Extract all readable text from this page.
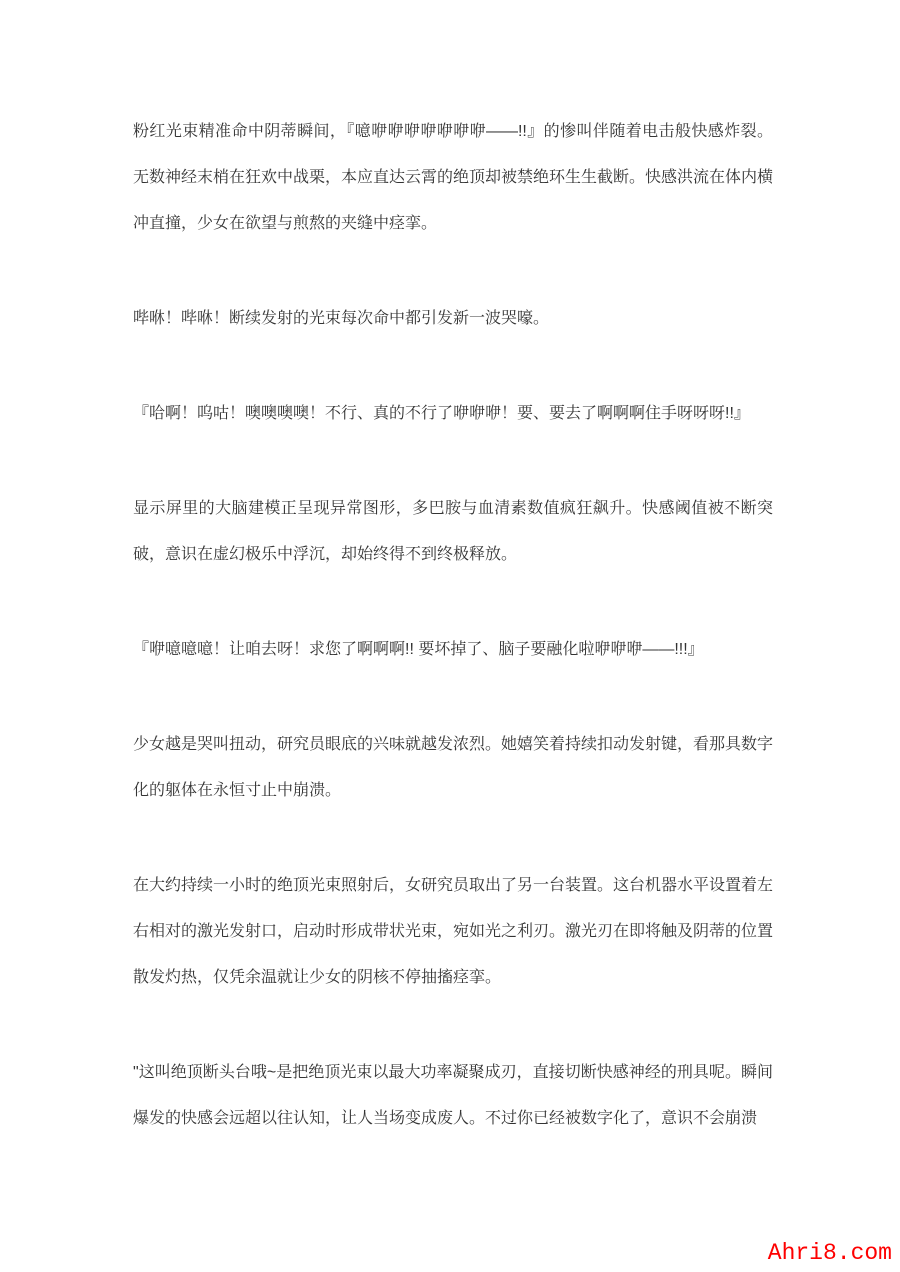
粉红光束精准命中阴蒂瞬间，『噫咿咿咿咿咿咿咿——!!』的惨叫伴随着电击般快感炸裂。无数神经末梢在狂欢中战栗，本应直达云霄的绝顶却被禁绝环生生截断。快感洪流在体内横冲直撞，少女在欲望与煎熬的夹缝中痉挛。

哔咻！哔咻！断续发射的光束每次命中都引发新一波哭嚎。

『哈啊！呜咕！噢噢噢噢！不行、真的不行了咿咿咿！要、要去了啊啊啊住手呀呀呀!!』

显示屏里的大脑建模正呈现异常图形，多巴胺与血清素数值疯狂飙升。快感阈值被不断突破，意识在虚幻极乐中浮沉，却始终得不到终极释放。

『咿噫噫噫！让咱去呀！求您了啊啊啊!! 要坏掉了、脑子要融化啦咿咿咿——!!!』

少女越是哭叫扭动，研究员眼底的兴味就越发浓烈。她嬉笑着持续扣动发射键，看那具数字化的躯体在永恒寸止中崩溃。

在大约持续一小时的绝顶光束照射后，女研究员取出了另一台装置。这台机器水平设置着左右相对的激光发射口，启动时形成带状光束，宛如光之利刃。激光刃在即将触及阴蒂的位置散发灼热，仅凭余温就让少女的阴核不停抽搐痉挛。

"这叫绝顶断头台哦~是把绝顶光束以最大功率凝聚成刃，直接切断快感神经的刑具呢。瞬间爆发的快感会远超以往认知，让人当场变成废人。不过你已经被数字化了，意识不会崩溃

Ahri8.com
